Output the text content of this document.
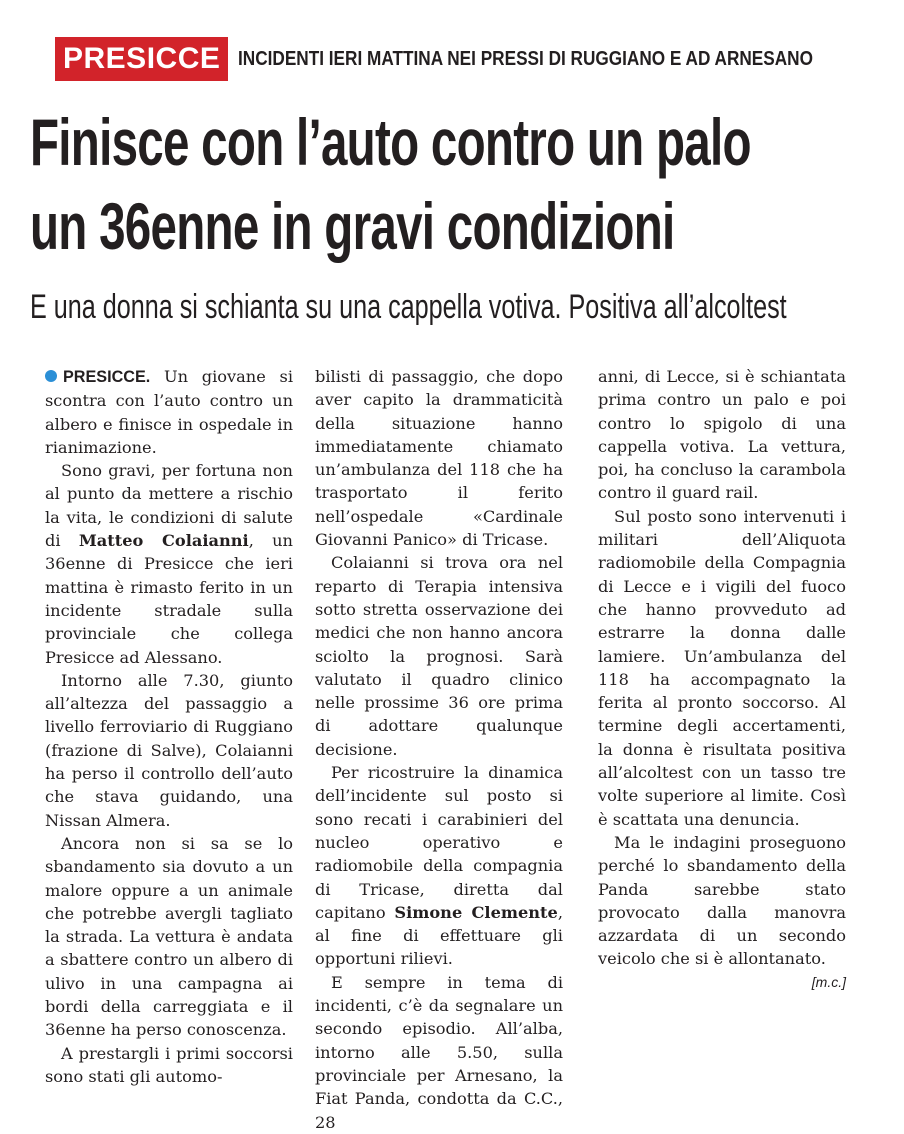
PRESICCE INCIDENTI IERI MATTINA NEI PRESSI DI RUGGIANO E AD ARNESANO
Finisce con l’auto contro un palo
un 36enne in gravi condizioni
E una donna si schianta su una cappella votiva. Positiva all’alcoltest

PRESICCE. Un giovane si scontra con l’auto contro un albero e finisce in ospedale in rianimazione.

Sono gravi, per fortuna non al punto da mettere a rischio la vita, le condizioni di salute di Matteo Colaianni, un 36enne di Presicce che ieri mattina è rimasto ferito in un incidente stradale sulla provinciale che collega Presicce ad Alessano.

Intorno alle 7.30, giunto all’altezza del passaggio a livello ferroviario di Ruggiano (frazione di Salve), Colaianni ha perso il controllo dell’auto che stava guidando, una Nissan Almera.

Ancora non si sa se lo sbandamento sia dovuto a un malore oppure a un animale che potrebbe avergli tagliato la strada. La vettura è andata a sbattere contro un albero di ulivo in una campagna ai bordi della carreggiata e il 36enne ha perso conoscenza.

A prestargli i primi soccorsi sono stati gli automo-

bilisti di passaggio, che dopo aver capito la drammaticità della situazione hanno immediatamente chiamato un’ambulanza del 118 che ha trasportato il ferito nell’ospedale «Cardinale Giovanni Panico» di Tricase.

Colaianni si trova ora nel reparto di Terapia intensiva sotto stretta osservazione dei medici che non hanno ancora sciolto la prognosi. Sarà valutato il quadro clinico nelle prossime 36 ore prima di adottare qualunque decisione.

Per ricostruire la dinamica dell’incidente sul posto si sono recati i carabinieri del nucleo operativo e radiomobile della compagnia di Tricase, diretta dal capitano Simone Clemente, al fine di effettuare gli opportuni rilievi.

E sempre in tema di incidenti, c’è da segnalare un secondo episodio. All’alba, intorno alle 5.50, sulla provinciale per Arnesano, la Fiat Panda, condotta da C.C., 28

anni, di Lecce, si è schiantata prima contro un palo e poi contro lo spigolo di una cappella votiva. La vettura, poi, ha concluso la carambola contro il guard rail.

Sul posto sono intervenuti i militari dell’Aliquota radiomobile della Compagnia di Lecce e i vigili del fuoco che hanno provveduto ad estrarre la donna dalle lamiere. Un’ambulanza del 118 ha accompagnato la ferita al pronto soccorso. Al termine degli accertamenti, la donna è risultata positiva all’alcoltest con un tasso tre volte superiore al limite. Così è scattata una denuncia.

Ma le indagini proseguono perché lo sbandamento della Panda sarebbe stato provocato dalla manovra azzardata di un secondo veicolo che si è allontanato.
[m.c.]
